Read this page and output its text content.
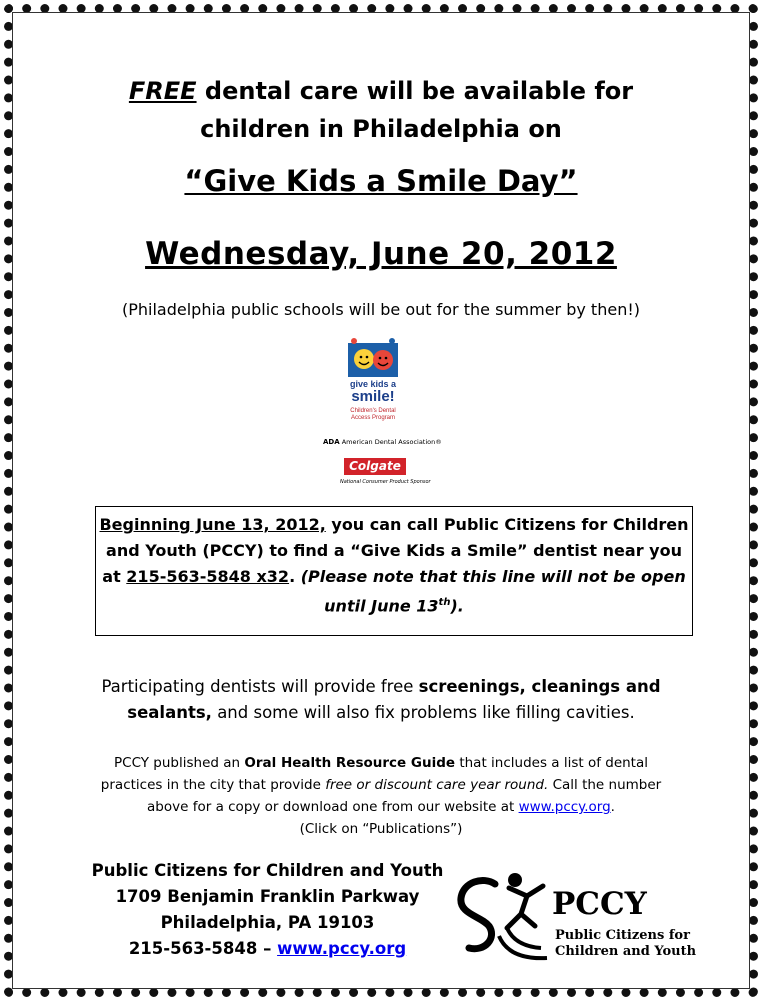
FREE dental care will be available for
children in Philadelphia on
“Give Kids a Smile Day”
Wednesday, June 20, 2012
(Philadelphia public schools will be out for the summer by then!)
give kids a
smile!
Children's Dental
Access Program
ADA American Dental Association®
Colgate
National Consumer Product Sponsor
Beginning June 13, 2012, you can call Public Citizens for Children and Youth (PCCY) to find a “Give Kids a Smile” dentist near you at 215-563-5848 x32. (Please note that this line will not be open until June 13th).
Participating dentists will provide free screenings, cleanings and sealants, and some will also fix problems like filling cavities.
PCCY published an Oral Health Resource Guide that includes a list of dental practices in the city that provide free or discount care year round. Call the number above for a copy or download one from our website at www.pccy.org.
(Click on “Publications”)
Public Citizens for Children and Youth
1709 Benjamin Franklin Parkway
Philadelphia, PA 19103
215-563-5848 – www.pccy.org
PCCY
Public Citizens for
Children and Youth
